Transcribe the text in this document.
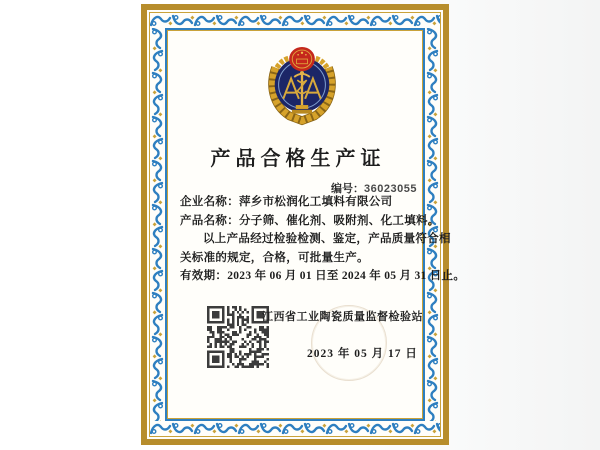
产品合格生产证
编号：36023055
企业名称：萍乡市松润化工填料有限公司
产品名称：分子筛、催化剂、吸附剂、化工填料。
以上产品经过检验检测、鉴定，产品质量符合相
关标准的规定，合格，可批量生产。
有效期：2023 年 06 月 01 日至 2024 年 05 月 31 日止。
江西省工业陶瓷质量监督检验站
2023 年 05 月 17 日
